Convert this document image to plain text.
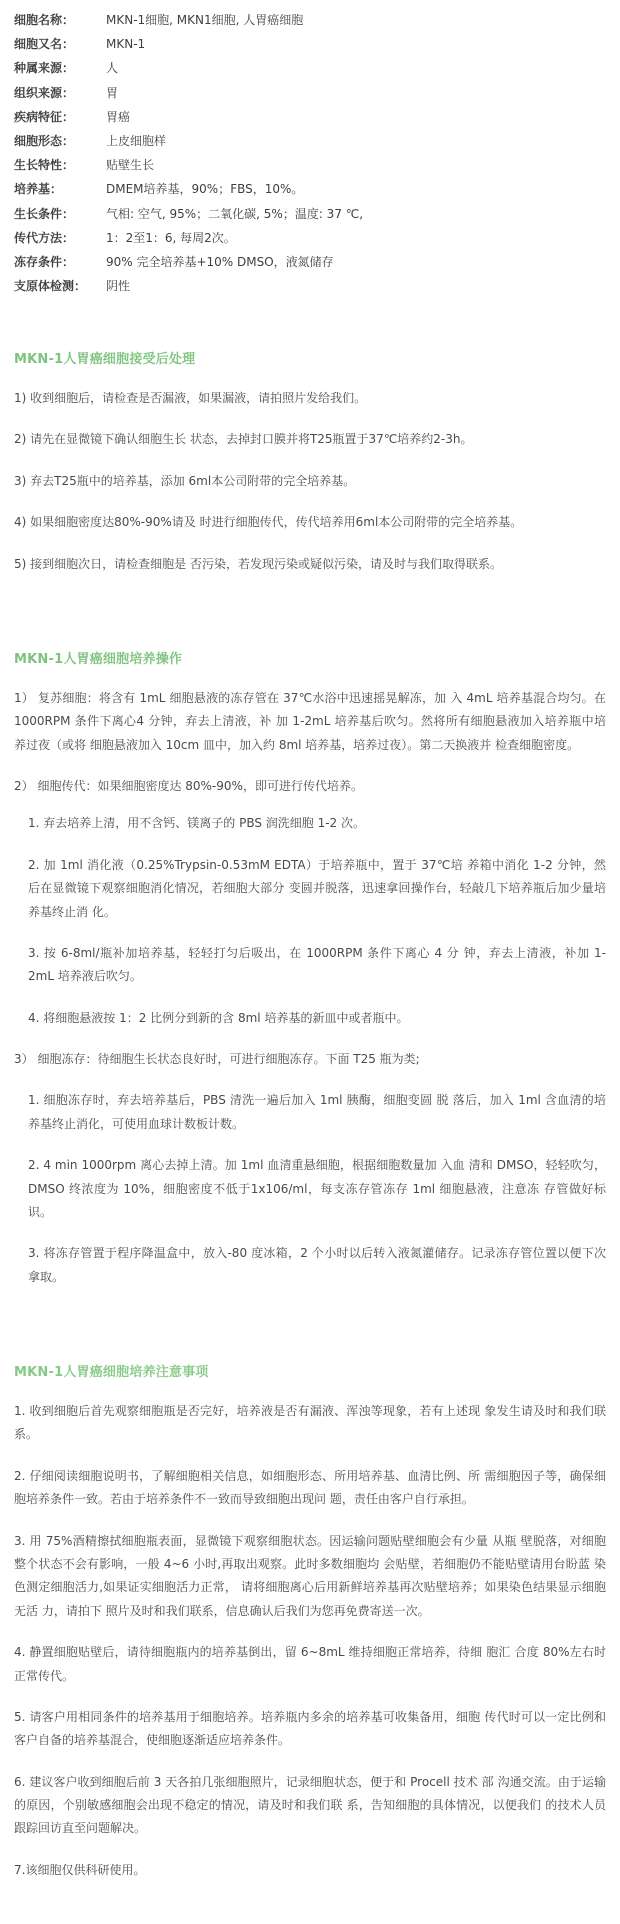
细胞名称：	MKN-1细胞, MKN1细胞, 人胃癌细胞
细胞又名：	MKN-1
种属来源：	人
组织来源：	胃
疾病特征：	胃癌
细胞形态：	上皮细胞样
生长特性：	贴壁生长
培养基：	DMEM培养基，90%；FBS，10%。
生长条件：	气相: 空气, 95%；二氧化碳, 5%；温度: 37 ℃,
传代方法：	1：2至1：6, 每周2次。
冻存条件：	90% 完全培养基+10% DMSO，液氮储存
支原体检测：	阴性
MKN-1人胃癌细胞接受后处理

1) 收到细胞后，请检查是否漏液，如果漏液，请拍照片发给我们。

2) 请先在显微镜下确认细胞生长 状态，去掉封口膜并将T25瓶置于37℃培养约2-3h。

3) 弃去T25瓶中的培养基，添加 6ml本公司附带的完全培养基。

4) 如果细胞密度达80%-90%请及 时进行细胞传代，传代培养用6ml本公司附带的完全培养基。

5) 接到细胞次日，请检查细胞是 否污染，若发现污染或疑似污染，请及时与我们取得联系。

MKN-1人胃癌细胞培养操作

1） 复苏细胞：将含有 1mL 细胞悬液的冻存管在 37℃水浴中迅速摇晃解冻，加 入 4mL 培养基混合均匀。在 1000RPM 条件下离心4 分钟，弃去上清液，补 加 1-2mL 培养基后吹匀。然将所有细胞悬液加入培养瓶中培 养过夜（或将 细胞悬液加入 10cm 皿中，加入约 8ml 培养基，培养过夜）。第二天换液并 检查细胞密度。

2） 细胞传代：如果细胞密度达 80%-90%，即可进行传代培养。

1. 弃去培养上清，用不含钙、镁离子的 PBS 润洗细胞 1-2 次。

2. 加 1ml 消化液（0.25%Trypsin-0.53mM EDTA）于培养瓶中，置于 37℃培 养箱中消化 1-2 分钟，然后在显微镜下观察细胞消化情况，若细胞大部分 变圆并脱落，迅速拿回操作台，轻敲几下培养瓶后加少量培养基终止消 化。

3. 按 6-8ml/瓶补加培养基，轻轻打匀后吸出，在 1000RPM 条件下离心 4 分 钟，弃去上清液，补加 1-2mL 培养液后吹匀。

4. 将细胞悬液按 1：2 比例分到新的含 8ml 培养基的新皿中或者瓶中。

3） 细胞冻存：待细胞生长状态良好时，可进行细胞冻存。下面 T25 瓶为类;

1. 细胞冻存时，弃去培养基后，PBS 清洗一遍后加入 1ml 胰酶，细胞变圆 脱 落后，加入 1ml 含血清的培养基终止消化，可使用血球计数板计数。

2. 4 min 1000rpm 离心去掉上清。加 1ml 血清重悬细胞，根据细胞数量加 入血 清和 DMSO，轻轻吹匀，DMSO 终浓度为 10%，细胞密度不低于1x106/ml，每支冻存管冻存 1ml 细胞悬液，注意冻 存管做好标识。

3. 将冻存管置于程序降温盒中，放入-80 度冰箱，2 个小时以后转入液氮灌储存。记录冻存管位置以便下次拿取。

MKN-1人胃癌细胞培养注意事项

1. 收到细胞后首先观察细胞瓶是否完好，培养液是否有漏液、浑浊等现象，若有上述现 象发生请及时和我们联系。

2. 仔细阅读细胞说明书，了解细胞相关信息，如细胞形态、所用培养基、血清比例、所 需细胞因子等，确保细胞培养条件一致。若由于培养条件不一致而导致细胞出现问 题，责任由客户自行承担。

3. 用 75%酒精擦拭细胞瓶表面，显微镜下观察细胞状态。因运输问题贴壁细胞会有少量 从瓶 壁脱落，对细胞整个状态不会有影响，一般 4~6 小时,再取出观察。此时多数细胞均 会贴壁，若细胞仍不能贴壁请用台盼蓝 染色测定细胞活力,如果证实细胞活力正常， 请将细胞离心后用新鲜培养基再次贴壁培养；如果染色结果显示细胞无活 力，请拍下 照片及时和我们联系，信息确认后我们为您再免费寄送一次。

4. 静置细胞贴壁后，请待细胞瓶内的培养基倒出，留 6~8mL 维持细胞正常培养，待细 胞汇 合度 80%左右时正常传代。

5. 请客户用相同条件的培养基用于细胞培养。培养瓶内多余的培养基可收集备用，细胞 传代时可以一定比例和客户自备的培养基混合，使细胞逐渐适应培养条件。

6. 建议客户收到细胞后前 3 天各拍几张细胞照片，记录细胞状态，便于和 Procell 技术 部 沟通交流。由于运输的原因，个别敏感细胞会出现不稳定的情况，请及时和我们联 系，告知细胞的具体情况，以便我们 的技术人员跟踪回访直至问题解决。

7.该细胞仅供科研使用。
